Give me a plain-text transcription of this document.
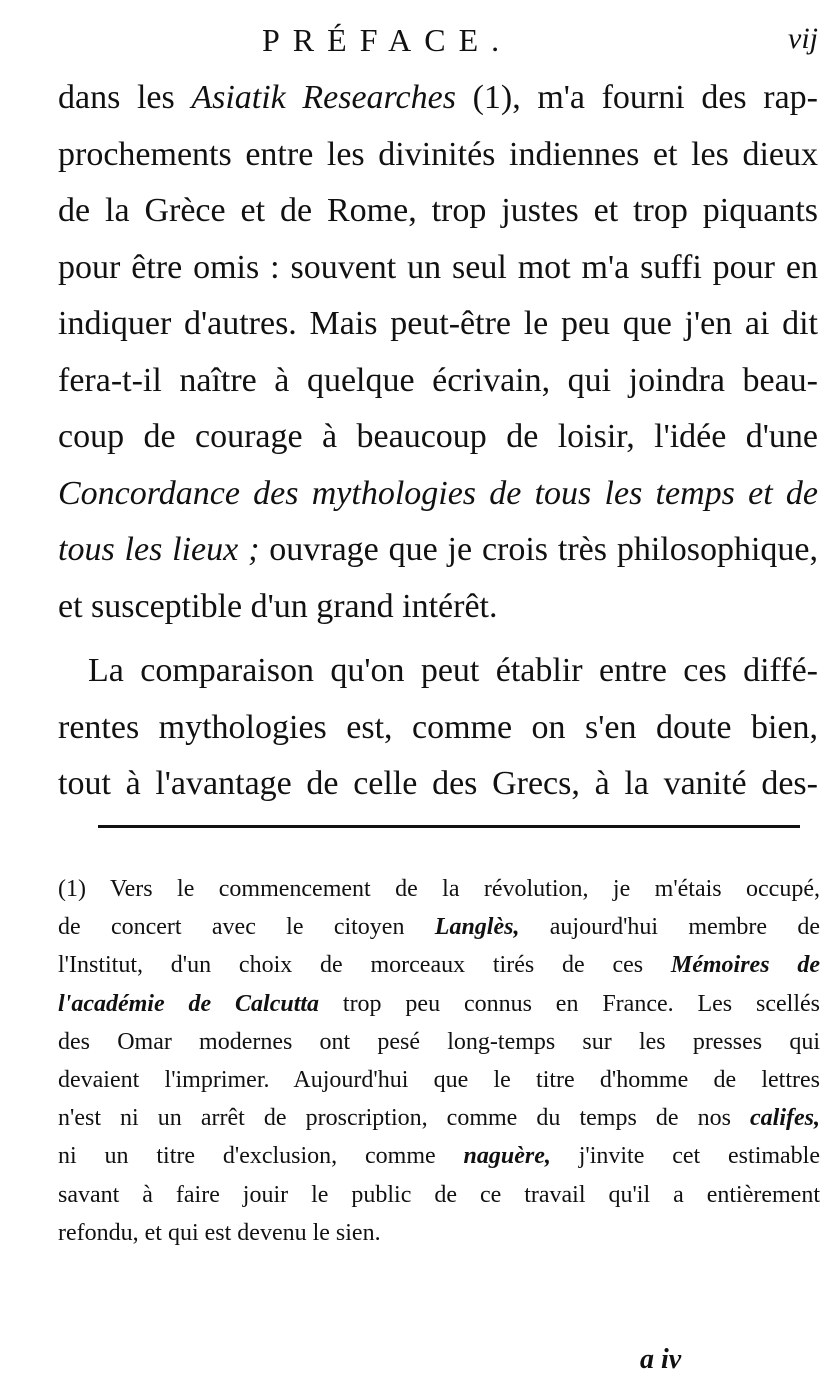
PRÉFACE.	vij
dans les Asiatik Researches (1), m'a fourni des rap-
prochements entre les divinités indiennes et les dieux
de la Grèce et de Rome, trop justes et trop piquants
pour être omis : souvent un seul mot m'a suffi pour en
indiquer d'autres. Mais peut-être le peu que j'en ai dit
fera-t-il naître à quelque écrivain, qui joindra beau-
coup de courage à beaucoup de loisir, l'idée d'une
Concordance des mythologies de tous les temps et de
tous les lieux ; ouvrage que je crois très philosophique,
et susceptible d'un grand intérêt.
La comparaison qu'on peut établir entre ces diffé-
rentes mythologies est, comme on s'en doute bien,
tout à l'avantage de celle des Grecs, à la vanité des-
(1) Vers le commencement de la révolution, je m'étais occupé,
de concert avec le citoyen Langlès, aujourd'hui membre de
l'Institut, d'un choix de morceaux tirés de ces Mémoires de
l'académie de Calcutta trop peu connus en France. Les scellés
des Omar modernes ont pesé long-temps sur les presses qui
devaient l'imprimer. Aujourd'hui que le titre d'homme de lettres
n'est ni un arrêt de proscription, comme du temps de nos califes,
ni un titre d'exclusion, comme naguère, j'invite cet estimable
savant à faire jouir le public de ce travail qu'il a entièrement
refondu, et qui est devenu le sien.
a iv
